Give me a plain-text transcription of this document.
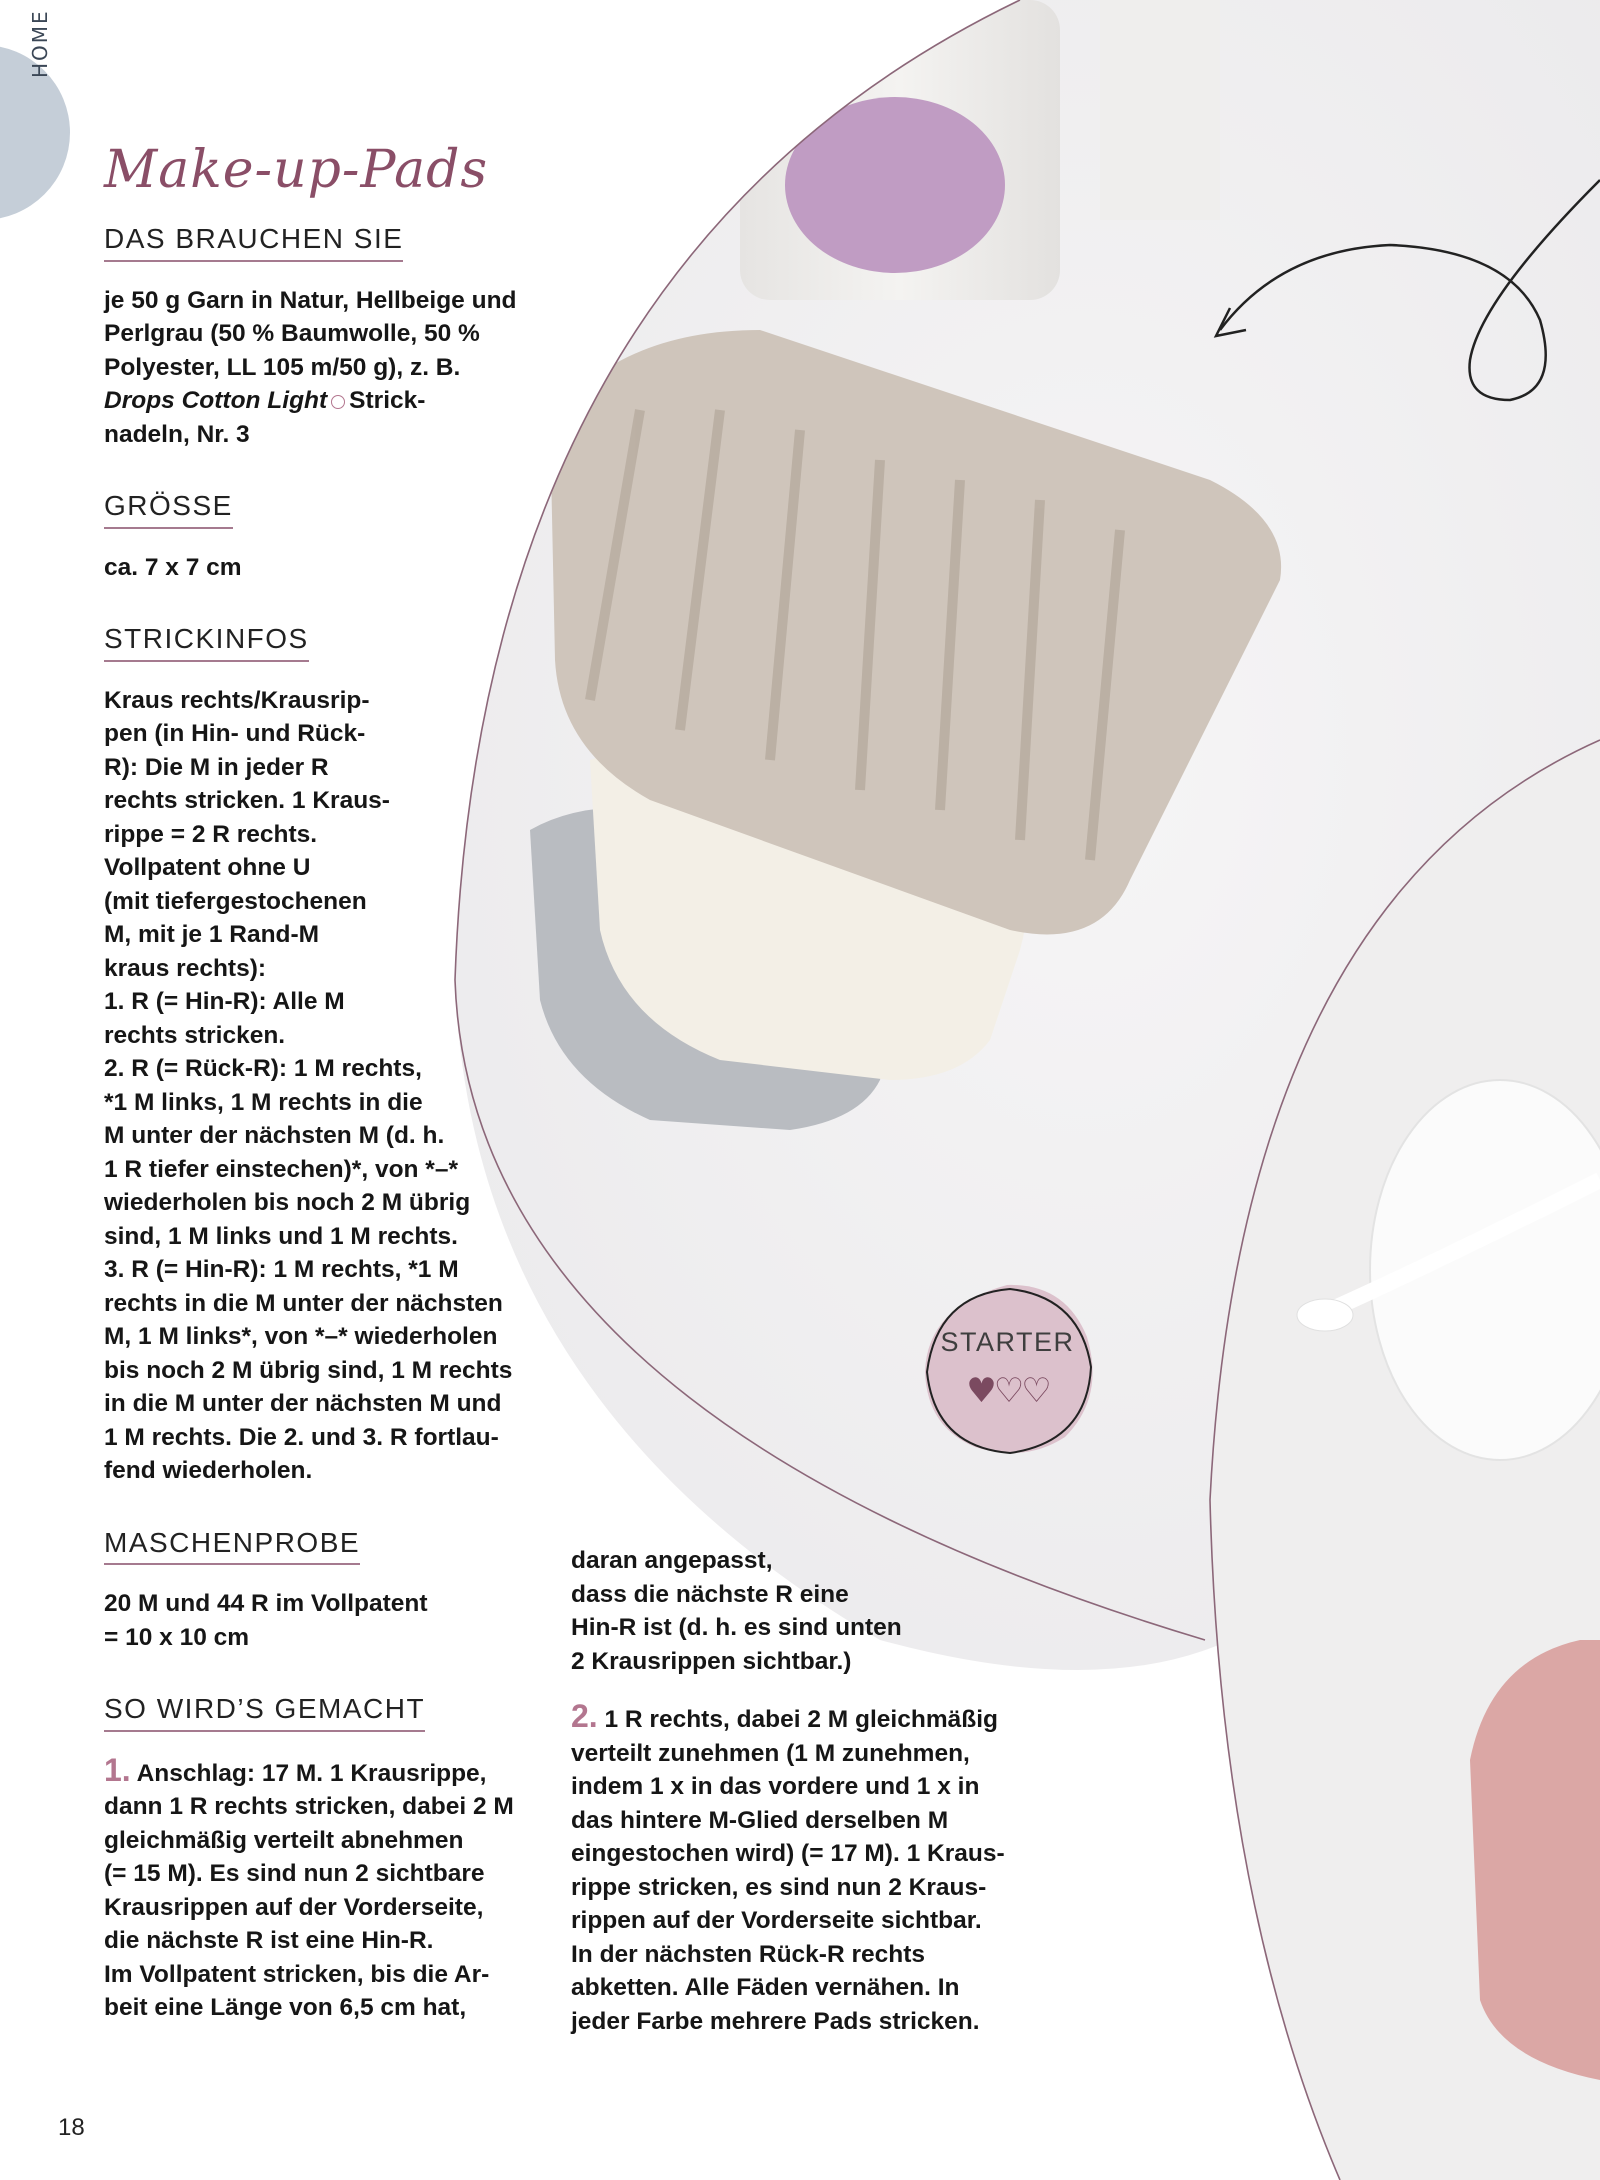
HOME
Make-up-Pads
DAS BRAUCHEN SIE
je 50 g Garn in Natur, Hellbeige und
Perlgrau (50 % Baumwolle, 50 %
Polyester, LL 105 m/50 g), z. B.
Drops Cotton Light Strick-
nadeln, Nr. 3
GRÖSSE
ca. 7 x 7 cm
STRICKINFOS
Kraus rechts/Krausrip-
pen (in Hin- und Rück-
R): Die M in jeder R
rechts stricken. 1 Kraus-
rippe = 2 R rechts.
Vollpatent ohne U
(mit tiefergestochenen
M, mit je 1 Rand-M
kraus rechts):
1. R (= Hin-R): Alle M
rechts stricken.
2. R (= Rück-R): 1 M rechts,
*1 M links, 1 M rechts in die
M unter der nächsten M (d. h.
1 R tiefer einstechen)*, von *–*
wiederholen bis noch 2 M übrig
sind, 1 M links und 1 M rechts.
3. R (= Hin-R): 1 M rechts, *1 M
rechts in die M unter der nächsten
M, 1 M links*, von *–* wiederholen
bis noch 2 M übrig sind, 1 M rechts
in die M unter der nächsten M und
1 M rechts. Die 2. und 3. R fortlau-
fend wiederholen.
MASCHENPROBE
20 M und 44 R im Vollpatent
= 10 x 10 cm
SO WIRD’S GEMACHT
1. Anschlag: 17 M. 1 Krausrippe,
dann 1 R rechts stricken, dabei 2 M
gleichmäßig verteilt abnehmen
(= 15 M). Es sind nun 2 sichtbare
Krausrippen auf der Vorderseite,
die nächste R ist eine Hin-R.
Im Vollpatent stricken, bis die Ar-
beit eine Länge von 6,5 cm hat,
daran angepasst,
dass die nächste R eine
Hin-R ist (d. h. es sind unten
2 Krausrippen sichtbar.)
2. 1 R rechts, dabei 2 M gleichmäßig
verteilt zunehmen (1 M zunehmen,
indem 1 x in das vordere und 1 x in
das hintere M-Glied derselben M
eingestochen wird) (= 17 M). 1 Kraus-
rippe stricken, es sind nun 2 Kraus-
rippen auf der Vorderseite sichtbar.
In der nächsten Rück-R rechts
abketten. Alle Fäden vernähen. In
jeder Farbe mehrere Pads stricken.
STARTER
♥♡♡
18
